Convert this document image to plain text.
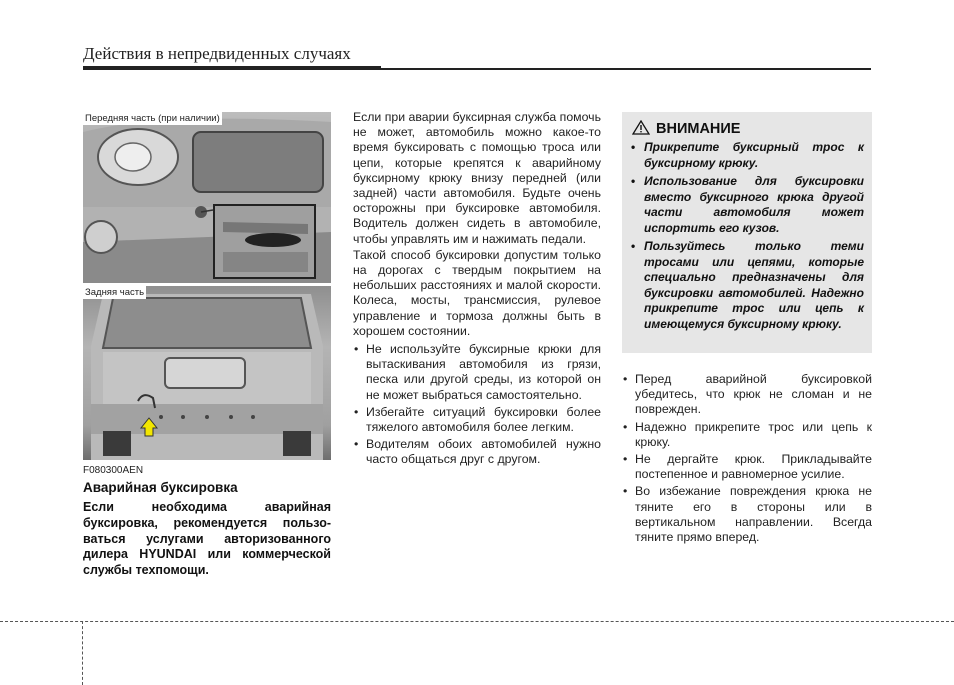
Действия в непредвиденных случаях
Передняя часть (при наличии)
Задняя часть
F080300AEN
Аварийная буксировка
Если необходима аварийная буксировка, рекомендуется пользо-ваться услугами авторизованного дилера HYUNDAI или коммерческой службы техпомощи.

Если при аварии буксирная служба помочь не может, автомобиль можно какое-то время буксировать с помощью троса или цепи, которые крепятся к аварийному буксирному крюку внизу передней (или задней) части автомобиля. Будьте очень осторожны при буксировке автомобиля. Водитель должен сидеть в автомобиле, чтобы управлять им и нажимать педали.

Такой способ буксировки допустим только на дорогах с твердым покрытием на небольших расстояниях и малой скорости. Колеса, мосты, трансмиссия, рулевое управление и тормоза должны быть в хорошем состоянии.

• Не используйте буксирные крюки для вытаскивания автомобиля из грязи, песка или другой среды, из которой он не может выбраться самостоятельно.
• Избегайте ситуаций буксировки более тяжелого автомобиля более легким.
• Водителям обоих автомобилей нужно часто общаться друг с другом.
ВНИМАНИЕ
• Прикрепите буксирный трос к буксирному крюку.
• Использование для буксировки вместо буксирного крюка другой части автомобиля может испортить его кузов.
• Пользуйтесь только теми тросами или цепями, которые специально предназначены для буксировки автомобилей. Надежно прикрепите трос или цепь к имеющемуся буксирному крюку.
• Перед аварийной буксировкой убедитесь, что крюк не сломан и не поврежден.
• Надежно прикрепите трос или цепь к крюку.
• Не дергайте крюк. Прикладывайте постепенное и равномерное усилие.
• Во избежание повреждения крюка не тяните его в стороны или в вертикальном направлении. Всегда тяните прямо вперед.
